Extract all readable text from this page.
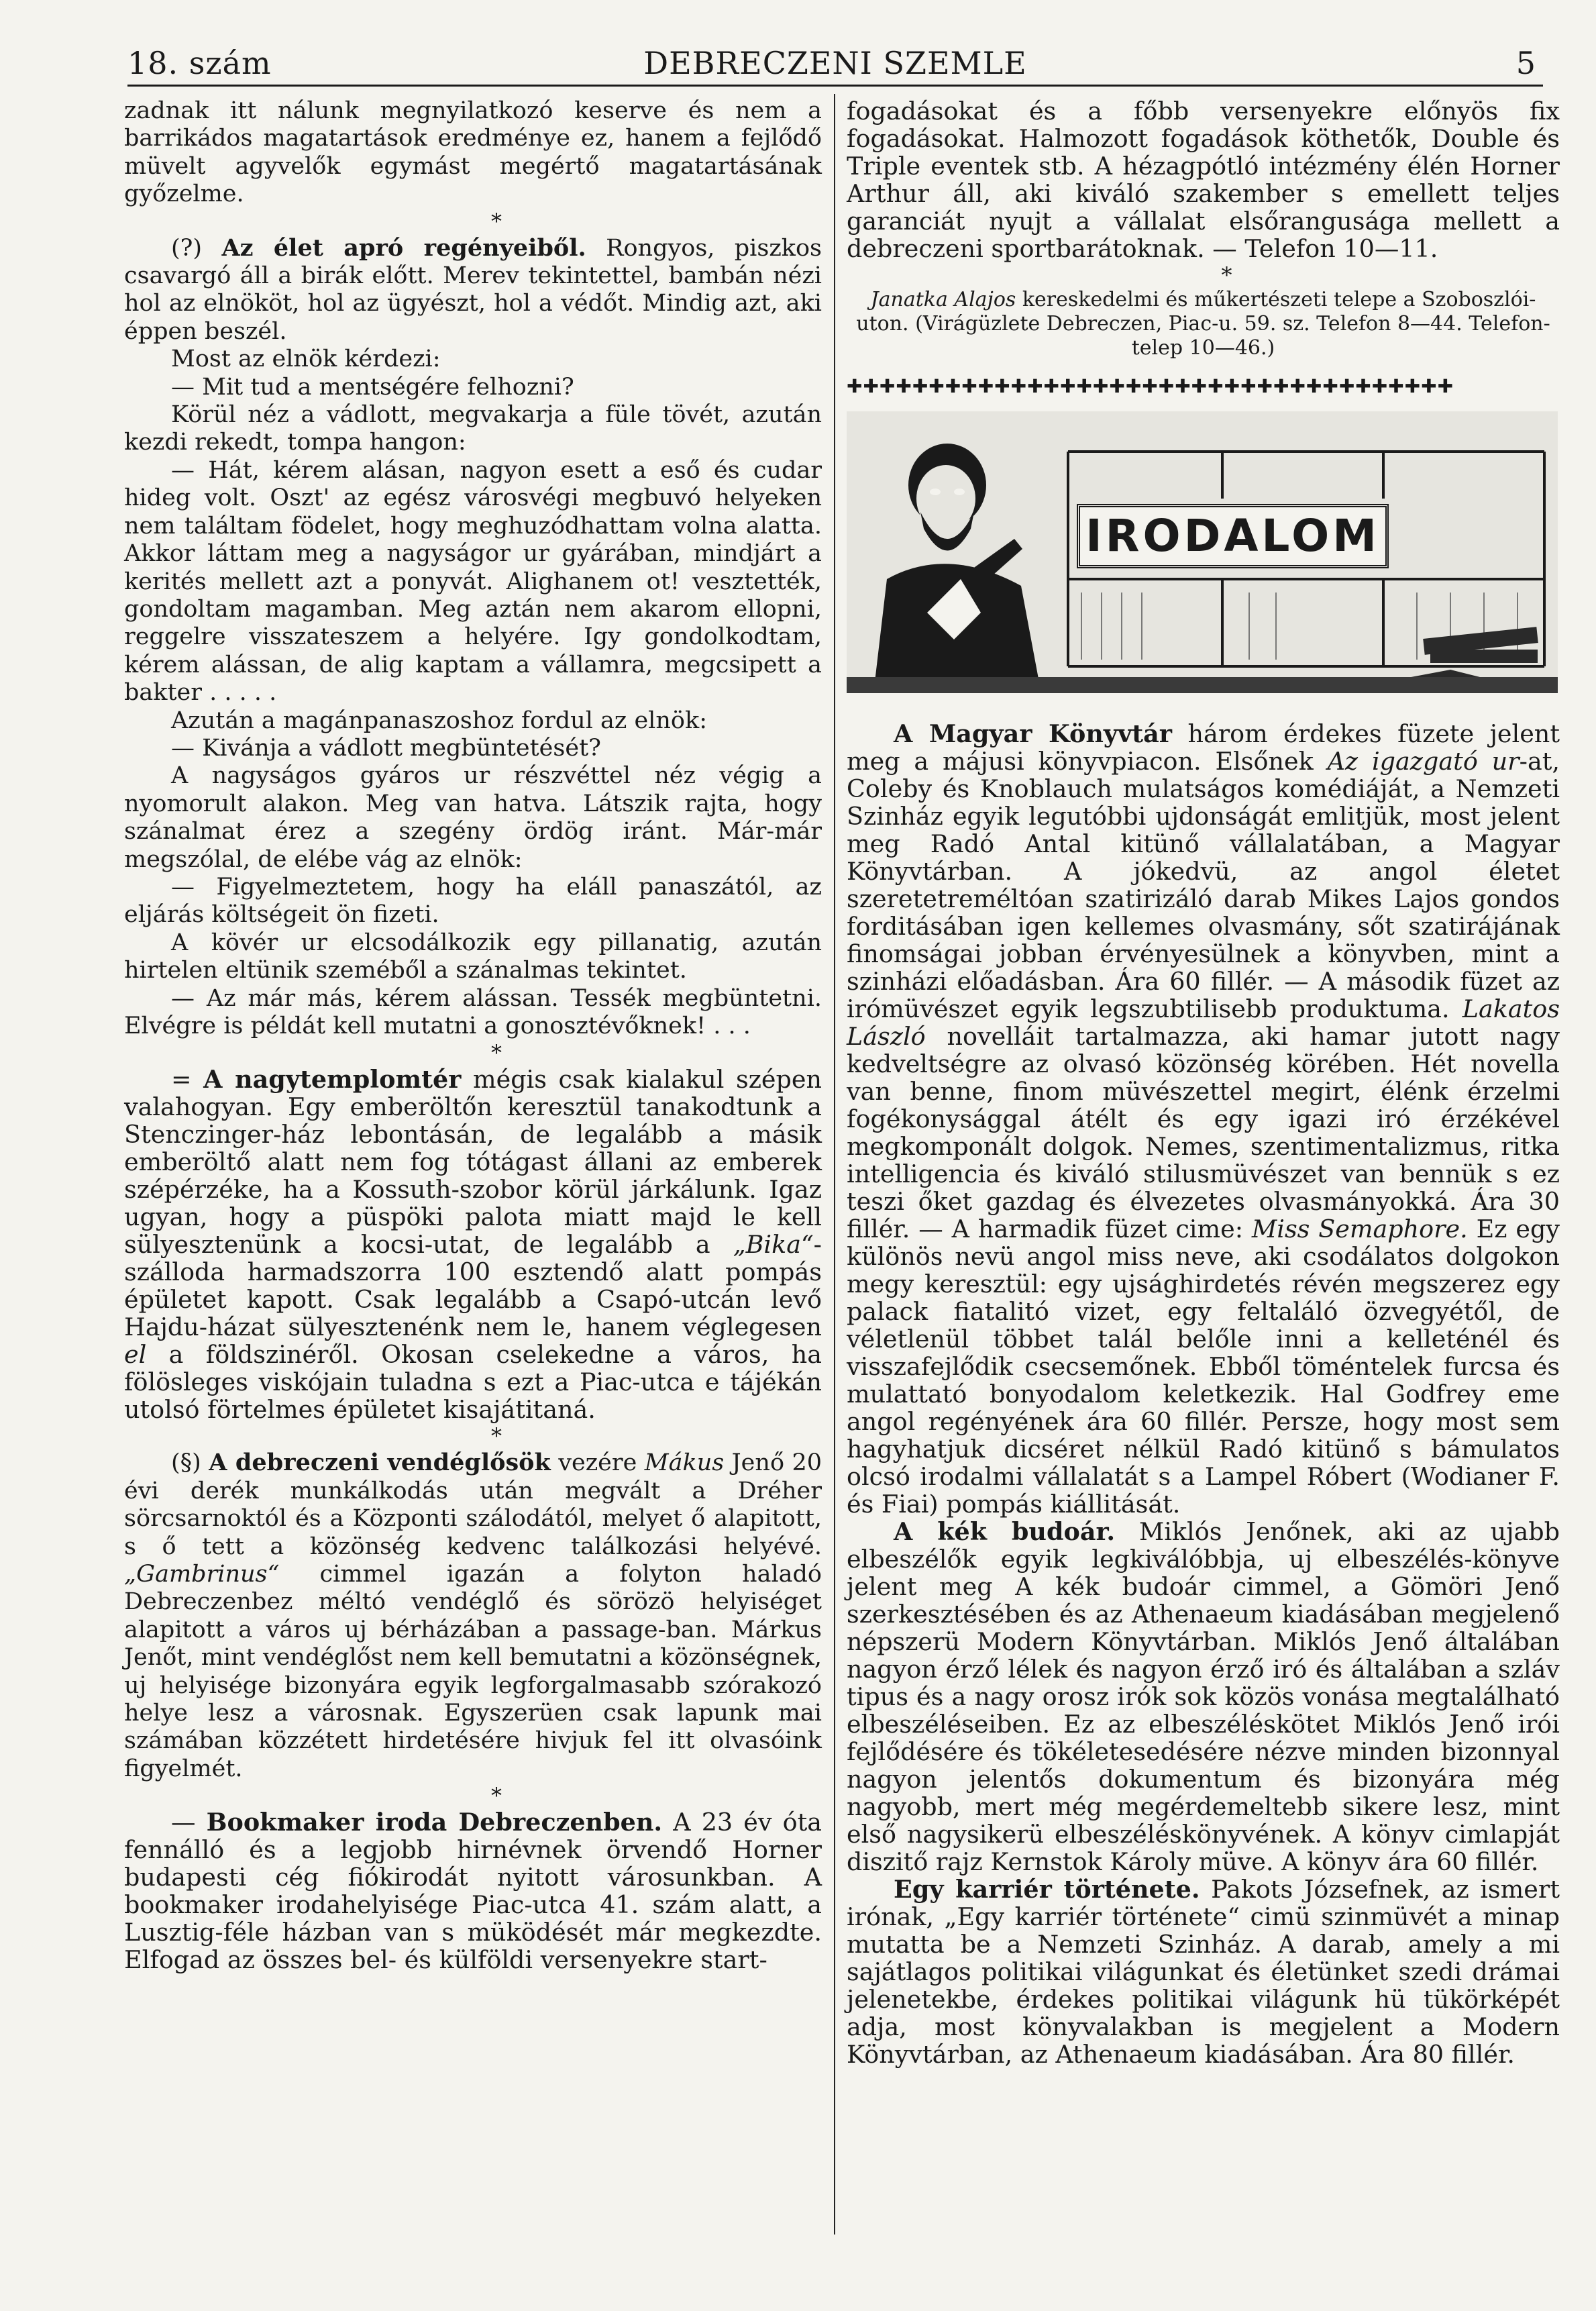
18. szám	DEBRECZENI SZEMLE	5

zadnak itt nálunk megnyilatkozó keserve és nem a barrikádos magatartások eredménye ez, hanem a fejlődő müvelt agyvelők egymást megértő magatartásának győzelme.

*

(?) Az élet apró regényeiből. Rongyos, piszkos csavargó áll a birák előtt. Merev tekintettel, bambán nézi hol az elnököt, hol az ügyészt, hol a védőt. Mindig azt, aki éppen beszél.

Most az elnök kérdezi:

— Mit tud a mentségére felhozni?

Körül néz a vádlott, megvakarja a füle tövét, azután kezdi rekedt, tompa hangon:

— Hát, kérem alásan, nagyon esett a eső és cudar hideg volt. Oszt' az egész városvégi megbuvó helyeken nem találtam födelet, hogy meghuzódhattam volna alatta. Akkor láttam meg a nagyságor ur gyárában, mindjárt a kerités mellett azt a ponyvát. Alighanem ot! vesztették, gondoltam magamban. Meg aztán nem akarom ellopni, reggelre visszateszem a helyére. Igy gondolkodtam, kérem alássan, de alig kaptam a vállamra, megcsipett a bakter . . . . .

Azután a magánpanaszoshoz fordul az elnök:

— Kivánja a vádlott megbüntetését?

A nagyságos gyáros ur részvéttel néz végig a nyomorult alakon. Meg van hatva. Látszik rajta, hogy szánalmat érez a szegény ördög iránt. Már-már megszólal, de elébe vág az elnök:

— Figyelmeztetem, hogy ha eláll panaszától, az eljárás költségeit ön fizeti.

A kövér ur elcsodálkozik egy pillanatig, azután hirtelen eltünik szeméből a szánalmas tekintet.

— Az már más, kérem alássan. Tessék megbüntetni. Elvégre is példát kell mutatni a gonosztévőknek! . . .

*

= A nagytemplomtér mégis csak kialakul szépen valahogyan. Egy emberöltőn keresztül tanakodtunk a Stenczinger-ház lebontásán, de legalább a másik emberöltő alatt nem fog tótágast állani az emberek szépérzéke, ha a Kossuth-szobor körül járkálunk. Igaz ugyan, hogy a püspöki palota miatt majd le kell sülyesztenünk a kocsi-utat, de legalább a „Bika“-szálloda harmadszorra 100 esztendő alatt pompás épületet kapott. Csak legalább a Csapó-utcán levő Hajdu-házat sülyesztenénk nem le, hanem véglegesen el a földszinéről. Okosan cselekedne a város, ha fölösleges viskójain tuladna s ezt a Piac-utca e tájékán utolsó förtelmes épületet kisajátitaná.

*

(§) A debreczeni vendéglősök vezére Mákus Jenő 20 évi derék munkálkodás után megvált a Dréher sörcsarnoktól és a Központi szálodától, melyet ő alapitott, s ő tett a közönség kedvenc találkozási helyévé. „Gambrinus“ cimmel igazán a folyton haladó Debreczenbez méltó vendéglő és sörözö helyiséget alapitott a város uj bérházában a passage-ban. Márkus Jenőt, mint vendéglőst nem kell bemutatni a közönségnek, uj helyisége bizonyára egyik legforgalmasabb szórakozó helye lesz a városnak. Egyszerüen csak lapunk mai számában közzétett hirdetésére hivjuk fel itt olvasóink figyelmét.

*

— Bookmaker iroda Debreczenben. A 23 év óta fennálló és a legjobb hirnévnek örvendő Horner budapesti cég fiókirodát nyitott városunkban. A bookmaker irodahelyisége Piac-utca 41. szám alatt, a Lusztig-féle házban van s müködését már megkezdte. Elfogad az összes bel- és külföldi versenyekre start-

fogadásokat és a főbb versenyekre előnyös fix fogadásokat. Halmozott fogadások köthetők, Double és Triple eventek stb. A hézagpótló intézmény élén Horner Arthur áll, aki kiváló szakember s emellett teljes garanciát nyujt a vállalat elsőrangusága mellett a debreczeni sportbarátoknak. — Telefon 10—11.

*

Janatka Alajos kereskedelmi és műkertészeti telepe a Szoboszlói-uton. (Virágüzlete Debreczen, Piac-u. 59. sz. Telefon 8—44. Telefon-telep 10—46.)

✚✚✚✚✚✚✚✚✚✚✚✚✚✚✚✚✚✚✚✚✚✚✚✚✚✚✚✚✚✚✚✚✚✚✚✚✚
IRODALOM

A Magyar Könyvtár három érdekes füzete jelent meg a májusi könyvpiacon. Elsőnek Az igazgató ur-at, Coleby és Knoblauch mulatságos komédiáját, a Nemzeti Szinház egyik legutóbbi ujdonságát emlitjük, most jelent meg Radó Antal kitünő vállalatában, a Magyar Könyvtárban. A jókedvü, az angol életet szeretetreméltóan szatirizáló darab Mikes Lajos gondos forditásában igen kellemes olvasmány, sőt szatirájának finomságai jobban érvényesülnek a könyvben, mint a szinházi előadásban. Ára 60 fillér. — A második füzet az irómüvészet egyik legszubtilisebb produktuma. Lakatos László novelláit tartalmazza, aki hamar jutott nagy kedveltségre az olvasó közönség körében. Hét novella van benne, finom müvészettel megirt, élénk érzelmi fogékonysággal átélt és egy igazi iró érzékével megkomponált dolgok. Nemes, szentimentalizmus, ritka intelligencia és kiváló stilusmüvészet van bennük s ez teszi őket gazdag és élvezetes olvasmányokká. Ára 30 fillér. — A harmadik füzet cime: Miss Semaphore. Ez egy különös nevü angol miss neve, aki csodálatos dolgokon megy keresztül: egy ujsághirdetés révén megszerez egy palack fiatalitó vizet, egy feltaláló özvegyétől, de véletlenül többet talál belőle inni a kelleténél és visszafejlődik csecsemőnek. Ebből töméntelek furcsa és mulattató bonyodalom keletkezik. Hal Godfrey eme angol regényének ára 60 fillér. Persze, hogy most sem hagyhatjuk dicséret nélkül Radó kitünő s bámulatos olcsó irodalmi vállalatát s a Lampel Róbert (Wodianer F. és Fiai) pompás kiállitását.

A kék budoár. Miklós Jenőnek, aki az ujabb elbeszélők egyik legkiválóbbja, uj elbeszélés-könyve jelent meg A kék budoár cimmel, a Gömöri Jenő szerkesztésében és az Athenaeum kiadásában megjelenő népszerü Modern Könyvtárban. Miklós Jenő általában nagyon érző lélek és nagyon érző iró és általában a szláv tipus és a nagy orosz irók sok közös vonása megtalálható elbeszéléseiben. Ez az elbeszéléskötet Miklós Jenő irói fejlődésére és tökéletesedésére nézve minden bizonnyal nagyon jelentős dokumentum és bizonyára még nagyobb, mert még megérdemeltebb sikere lesz, mint első nagysikerü elbeszéléskönyvének. A könyv cimlapját diszitő rajz Kernstok Károly müve. A könyv ára 60 fillér.

Egy karriér története. Pakots Józsefnek, az ismert irónak, „Egy karriér története“ cimü szinmüvét a minap mutatta be a Nemzeti Szinház. A darab, amely a mi sajátlagos politikai világunkat és életünket szedi drámai jelenetekbe, érdekes politikai világunk hü tükörképét adja, most könyvalakban is megjelent a Modern Könyvtárban, az Athenaeum kiadásában. Ára 80 fillér.
